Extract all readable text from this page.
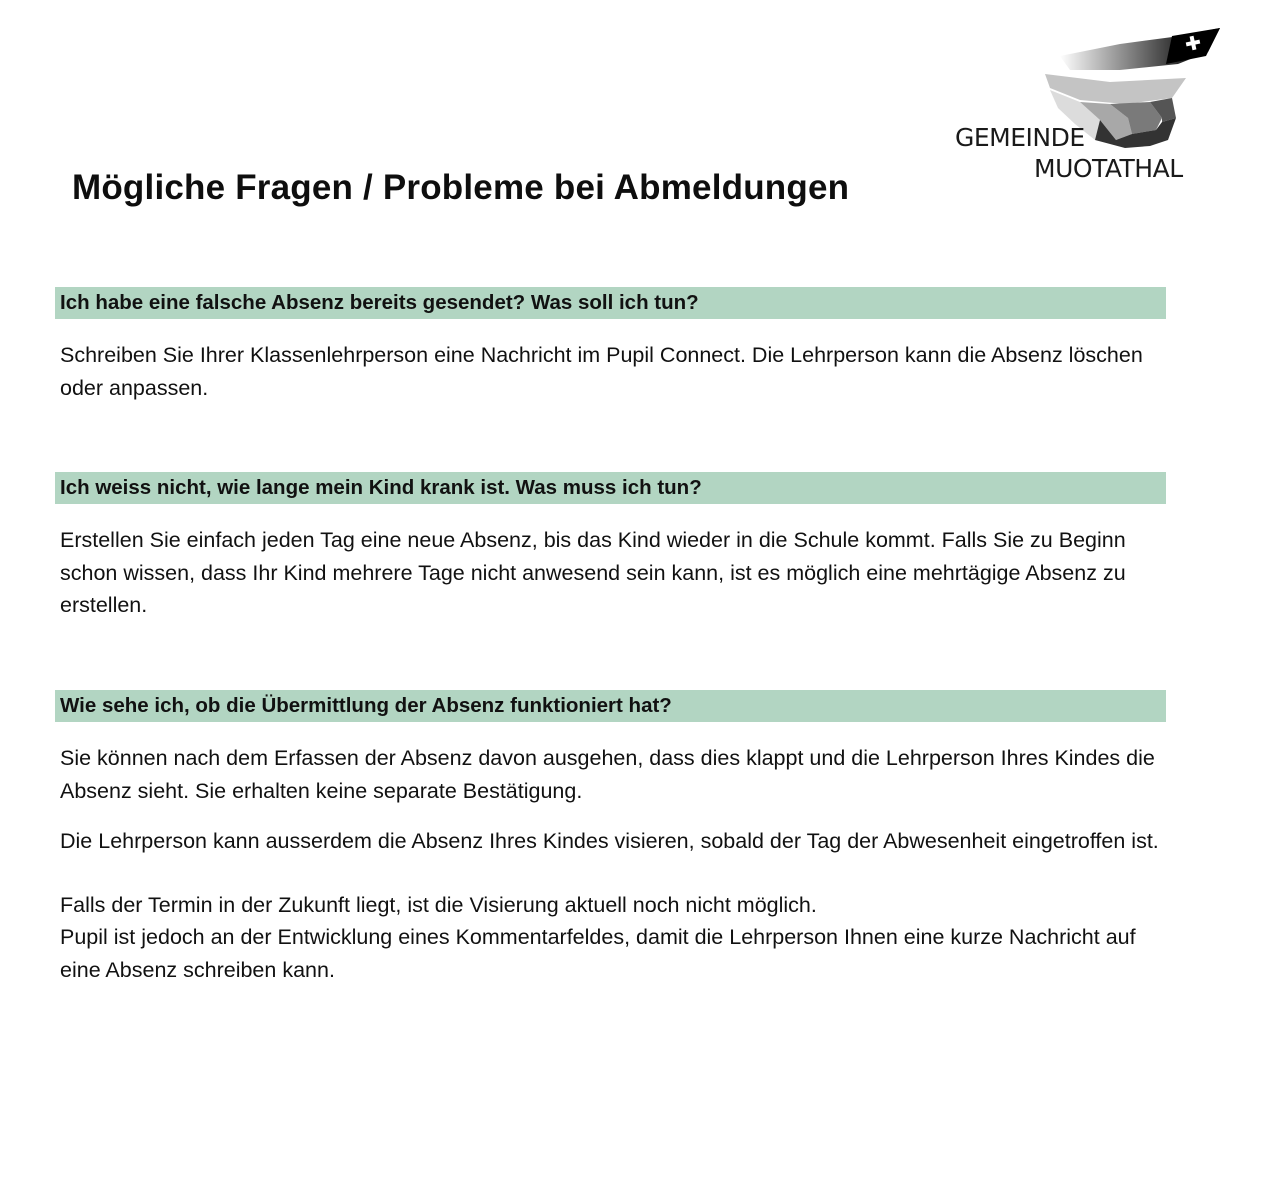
GEMEINDE
MUOTATHAL
Mögliche Fragen / Probleme bei Abmeldungen
Ich habe eine falsche Absenz bereits gesendet? Was soll ich tun?

Schreiben Sie Ihrer Klassenlehrperson eine Nachricht im Pupil Connect. Die Lehrperson kann die Absenz löschen oder anpassen.

Ich weiss nicht, wie lange mein Kind krank ist. Was muss ich tun?

Erstellen Sie einfach jeden Tag eine neue Absenz, bis das Kind wieder in die Schule kommt. Falls Sie zu Beginn schon wissen, dass Ihr Kind mehrere Tage nicht anwesend sein kann, ist es möglich eine mehrtägige Absenz zu erstellen.

Wie sehe ich, ob die Übermittlung der Absenz funktioniert hat?

Sie können nach dem Erfassen der Absenz davon ausgehen, dass dies klappt und die Lehrperson Ihres Kindes die Absenz sieht. Sie erhalten keine separate Bestätigung.

Die Lehrperson kann ausserdem die Absenz Ihres Kindes visieren, sobald der Tag der Abwesenheit eingetroffen ist.

Falls der Termin in der Zukunft liegt, ist die Visierung aktuell noch nicht möglich.

Pupil ist jedoch an der Entwicklung eines Kommentarfeldes, damit die Lehrperson Ihnen eine kurze Nachricht auf eine Absenz schreiben kann.
